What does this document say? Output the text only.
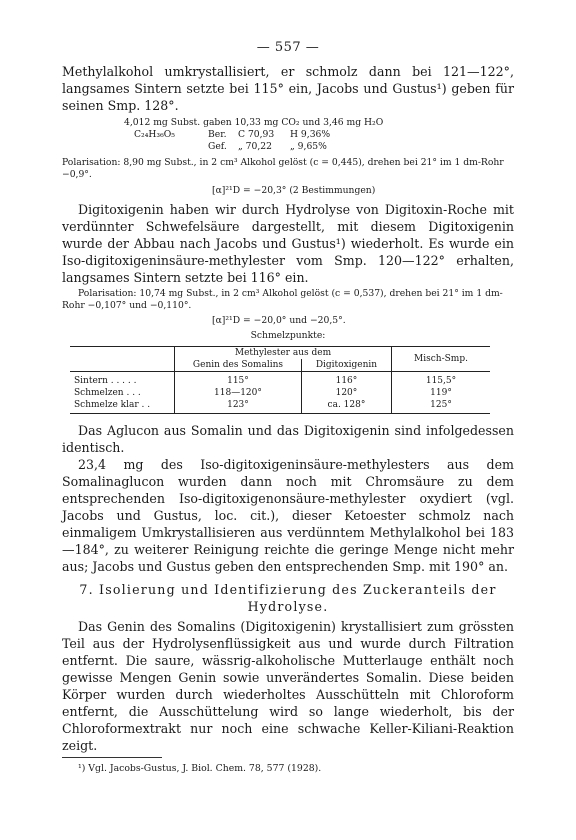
— 557 —

Methylalkohol umkrystallisiert, er schmolz dann bei 121—122°, langsames Sintern setzte bei 115° ein, Jacobs und Gustus¹) geben für seinen Smp. 128°.

4,012 mg Subst. gaben 10,33 mg CO₂ und 3,46 mg H₂O
C₂₄H₃₆O₅	Ber.	C 70,93	H 9,36%
Gef.	„ 70,22	„ 9,65%

Polarisation: 8,90 mg Subst., in 2 cm³ Alkohol gelöst (c = 0,445), drehen bei 21° im 1 dm-Rohr −0,9°.

[α]²¹D = −20,3° (2 Bestimmungen)

Digitoxigenin haben wir durch Hydrolyse von Digitoxin-Roche mit verdünnter Schwefelsäure dargestellt, mit diesem Digitoxigenin wurde der Abbau nach Jacobs und Gustus¹) wiederholt. Es wurde ein Iso-digitoxigeninsäure-methylester vom Smp. 120—122° erhalten, langsames Sintern setzte bei 116° ein.

Polarisation: 10,74 mg Subst., in 2 cm³ Alkohol gelöst (c = 0,537), drehen bei 21° im 1 dm-Rohr −0,107° und −0,110°.

[α]²¹D = −20,0° und −20,5°.
Schmelzpunkte:
	Methylester aus dem		Misch-Smp.
	Genin des Somalins	Digitoxigenin	
Sintern . . . . .	115°	116°	115,5°
Schmelzen . . .	118—120°	120°	119°
Schmelze klar . .	123°	ca. 128°	125°

Das Aglucon aus Somalin und das Digitoxigenin sind infolgedessen identisch.

23,4 mg des Iso-digitoxigeninsäure-methylesters aus dem Somalinaglucon wurden dann noch mit Chromsäure zu dem entsprechenden Iso-digitoxigenonsäure-methylester oxydiert (vgl. Jacobs und Gustus, loc. cit.), dieser Ketoester schmolz nach einmaligem Umkrystallisieren aus verdünntem Methylalkohol bei 183—184°, zu weiterer Reinigung reichte die geringe Menge nicht mehr aus; Jacobs und Gustus geben den entsprechenden Smp. mit 190° an.

7. Isolierung und Identifizierung des Zuckeranteils der
Hydrolyse.

Das Genin des Somalins (Digitoxigenin) krystallisiert zum grössten Teil aus der Hydrolysenflüssigkeit aus und wurde durch Filtration entfernt. Die saure, wässrig-alkoholische Mutterlauge enthält noch gewisse Mengen Genin sowie unverändertes Somalin. Diese beiden Körper wurden durch wiederholtes Ausschütteln mit Chloroform entfernt, die Ausschüttelung wird so lange wiederholt, bis der Chloroformextrakt nur noch eine schwache Keller-Kiliani-Reaktion zeigt.

¹) Vgl. Jacobs-Gustus, J. Biol. Chem. 78, 577 (1928).
